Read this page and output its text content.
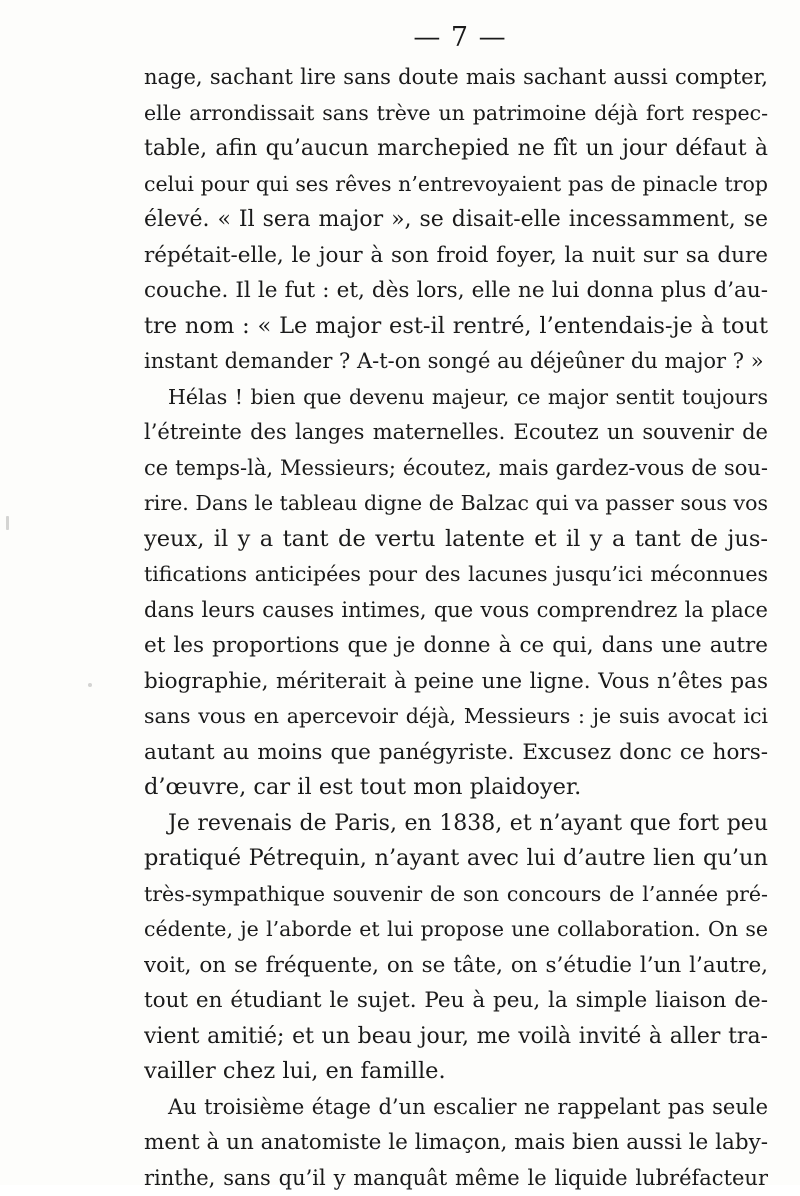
— 7 —
nage, sachant lire sans doute mais sachant aussi compter,
elle arrondissait sans trève un patrimoine déjà fort respec-
table, afin qu’aucun marchepied ne fît un jour défaut à
celui pour qui ses rêves n’entrevoyaient pas de pinacle trop
élevé. « Il sera major », se disait-elle incessamment, se
répétait-elle, le jour à son froid foyer, la nuit sur sa dure
couche. Il le fut : et, dès lors, elle ne lui donna plus d’au-
tre nom : « Le major est-il rentré, l’entendais-je à tout
instant demander ? A-t-on songé au déjeûner du major ? »
Hélas ! bien que devenu majeur, ce major sentit toujours
l’étreinte des langes maternelles. Ecoutez un souvenir de
ce temps-là, Messieurs; écoutez, mais gardez-vous de sou-
rire. Dans le tableau digne de Balzac qui va passer sous vos
yeux, il y a tant de vertu latente et il y a tant de jus-
tifications anticipées pour des lacunes jusqu’ici méconnues
dans leurs causes intimes, que vous comprendrez la place
et les proportions que je donne à ce qui, dans une autre
biographie, mériterait à peine une ligne. Vous n’êtes pas
sans vous en apercevoir déjà, Messieurs : je suis avocat ici
autant au moins que panégyriste. Excusez donc ce hors-
d’œuvre, car il est tout mon plaidoyer.
Je revenais de Paris, en 1838, et n’ayant que fort peu
pratiqué Pétrequin, n’ayant avec lui d’autre lien qu’un
très-sympathique souvenir de son concours de l’année pré-
cédente, je l’aborde et lui propose une collaboration. On se
voit, on se fréquente, on se tâte, on s’étudie l’un l’autre,
tout en étudiant le sujet. Peu à peu, la simple liaison de-
vient amitié; et un beau jour, me voilà invité à aller tra-
vailler chez lui, en famille.
Au troisième étage d’un escalier ne rappelant pas seule
ment à un anatomiste le limaçon, mais bien aussi le laby-
rinthe, sans qu’il y manquât même le liquide lubréfacteur
